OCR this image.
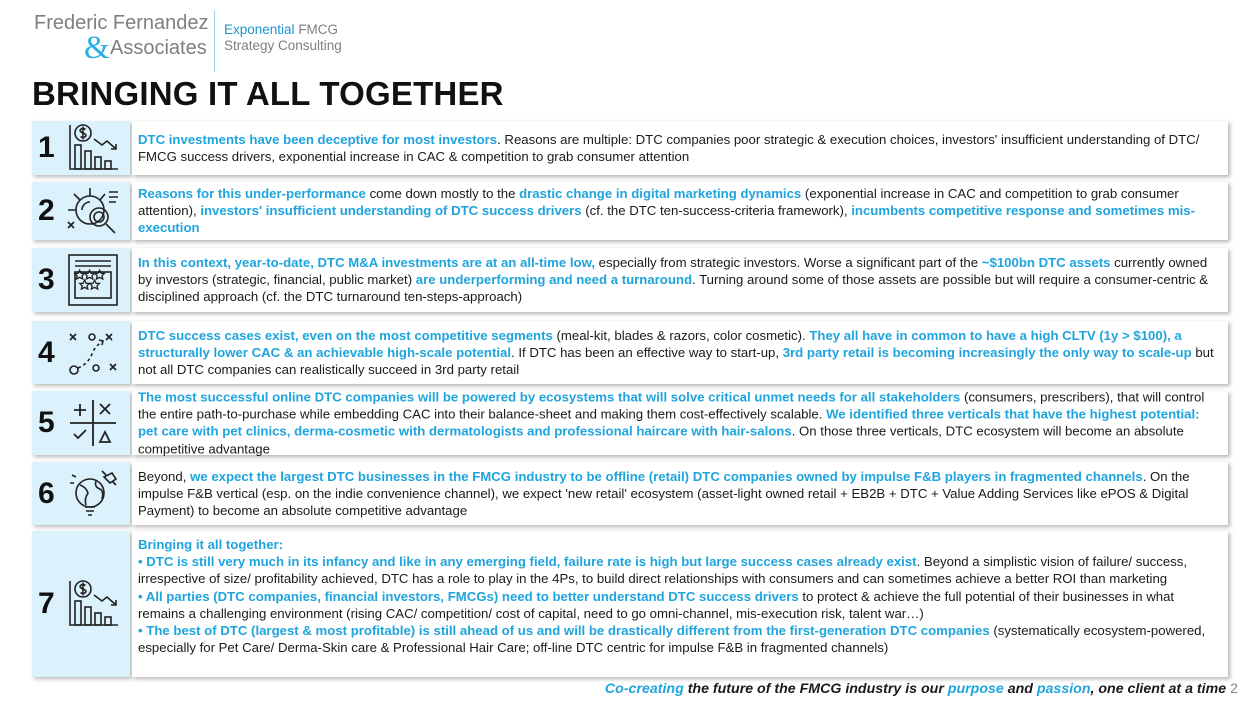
Frederic Fernandez
& Associates
Exponential FMCG
Strategy Consulting
BRINGING IT ALL TOGETHER
1	DTC investments have been deceptive for most investors. Reasons are multiple: DTC companies poor strategic & execution choices, investors' insufficient understanding of DTC/ FMCG success drivers, exponential increase in CAC & competition to grab consumer attention
2
Reasons for this under-performance come down mostly to the drastic change in digital marketing dynamics (exponential increase in CAC and competition to grab consumer attention), investors' insufficient understanding of DTC success drivers (cf. the DTC ten-success-criteria framework), incumbents competitive response and sometimes mis-execution
3
In this context, year-to-date, DTC M&A investments are at an all-time low, especially from strategic investors. Worse a significant part of the ~$100bn DTC assets currently owned by investors (strategic, financial, public market) are underperforming and need a turnaround. Turning around some of those assets are possible but will require a consumer-centric & disciplined approach (cf. the DTC turnaround ten-steps-approach)
4
DTC success cases exist, even on the most competitive segments (meal-kit, blades & razors, color cosmetic). They all have in common to have a high CLTV (1y > $100), a structurally lower CAC & an achievable high-scale potential. If DTC has been an effective way to start-up, 3rd party retail is becoming increasingly the only way to scale-up but not all DTC companies can realistically succeed in 3rd party retail
5
The most successful online DTC companies will be powered by ecosystems that will solve critical unmet needs for all stakeholders (consumers, prescribers), that will control the entire path-to-purchase while embedding CAC into their balance-sheet and making them cost-effectively scalable. We identified three verticals that have the highest potential: pet care with pet clinics, derma-cosmetic with dermatologists and professional haircare with hair-salons. On those three verticals, DTC ecosystem will become an absolute competitive advantage
6
Beyond, we expect the largest DTC businesses in the FMCG industry to be offline (retail) DTC companies owned by impulse F&B players in fragmented channels. On the impulse F&B vertical (esp. on the indie convenience channel), we expect 'new retail' ecosystem (asset-light owned retail + EB2B + DTC + Value Adding Services like ePOS & Digital Payment) to become an absolute competitive advantage
7
Bringing it all together:
• DTC is still very much in its infancy and like in any emerging field, failure rate is high but large success cases already exist. Beyond a simplistic vision of failure/ success, irrespective of size/ profitability achieved, DTC has a role to play in the 4Ps, to build direct relationships with consumers and can sometimes achieve a better ROI than marketing
• All parties (DTC companies, financial investors, FMCGs) need to better understand DTC success drivers to protect & achieve the full potential of their businesses in what remains a challenging environment (rising CAC/ competition/ cost of capital, need to go omni-channel, mis-execution risk, talent war…)
• The best of DTC (largest & most profitable) is still ahead of us and will be drastically different from the first-generation DTC companies (systematically ecosystem-powered, especially for Pet Care/ Derma-Skin care & Professional Hair Care; off-line DTC centric for impulse F&B in fragmented channels)
Co-creating the future of the FMCG industry is our purpose and passion, one client at a time 2
